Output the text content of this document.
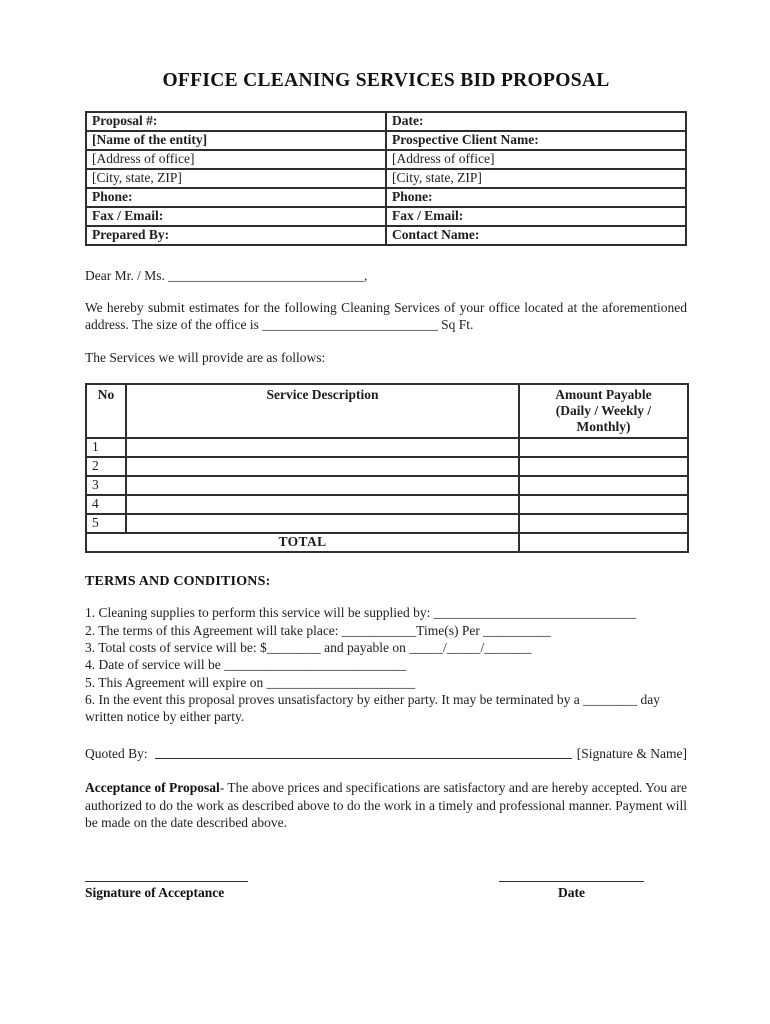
OFFICE CLEANING SERVICES BID PROPOSAL
Proposal #:	Date:
[Name of the entity]	Prospective Client Name:
[Address of office]	[Address of office]
[City, state, ZIP]	[City, state, ZIP]
Phone:	Phone:
Fax / Email:	Fax / Email:
Prepared By:	Contact Name:
Dear Mr. / Ms. _____________________________,
We hereby submit estimates for the following Cleaning Services of your office located at the aforementioned address. The size of the office is __________________________ Sq Ft.
The Services we will provide are as follows:
No	Service Description	Amount Payable
(Daily / Weekly /
Monthly)

1		
2		
3		
4		
5		
TOTAL		
TERMS AND CONDITIONS:
1. Cleaning supplies to perform this service will be supplied by: ______________________________
2. The terms of this Agreement will take place: ___________Time(s) Per __________
3. Total costs of service will be: $________ and payable on _____/_____/_______
4. Date of service will be ___________________________
5. This Agreement will expire on ______________________
6. In the event this proposal proves unsatisfactory by either party. It may be terminated by a ________ day written notice by either party.
Quoted By:	[Signature & Name]
Acceptance of Proposal- The above prices and specifications are satisfactory and are hereby accepted. You are authorized to do the work as described above to do the work in a timely and professional manner. Payment will be made on the date described above.
Signature of Acceptance	Date
